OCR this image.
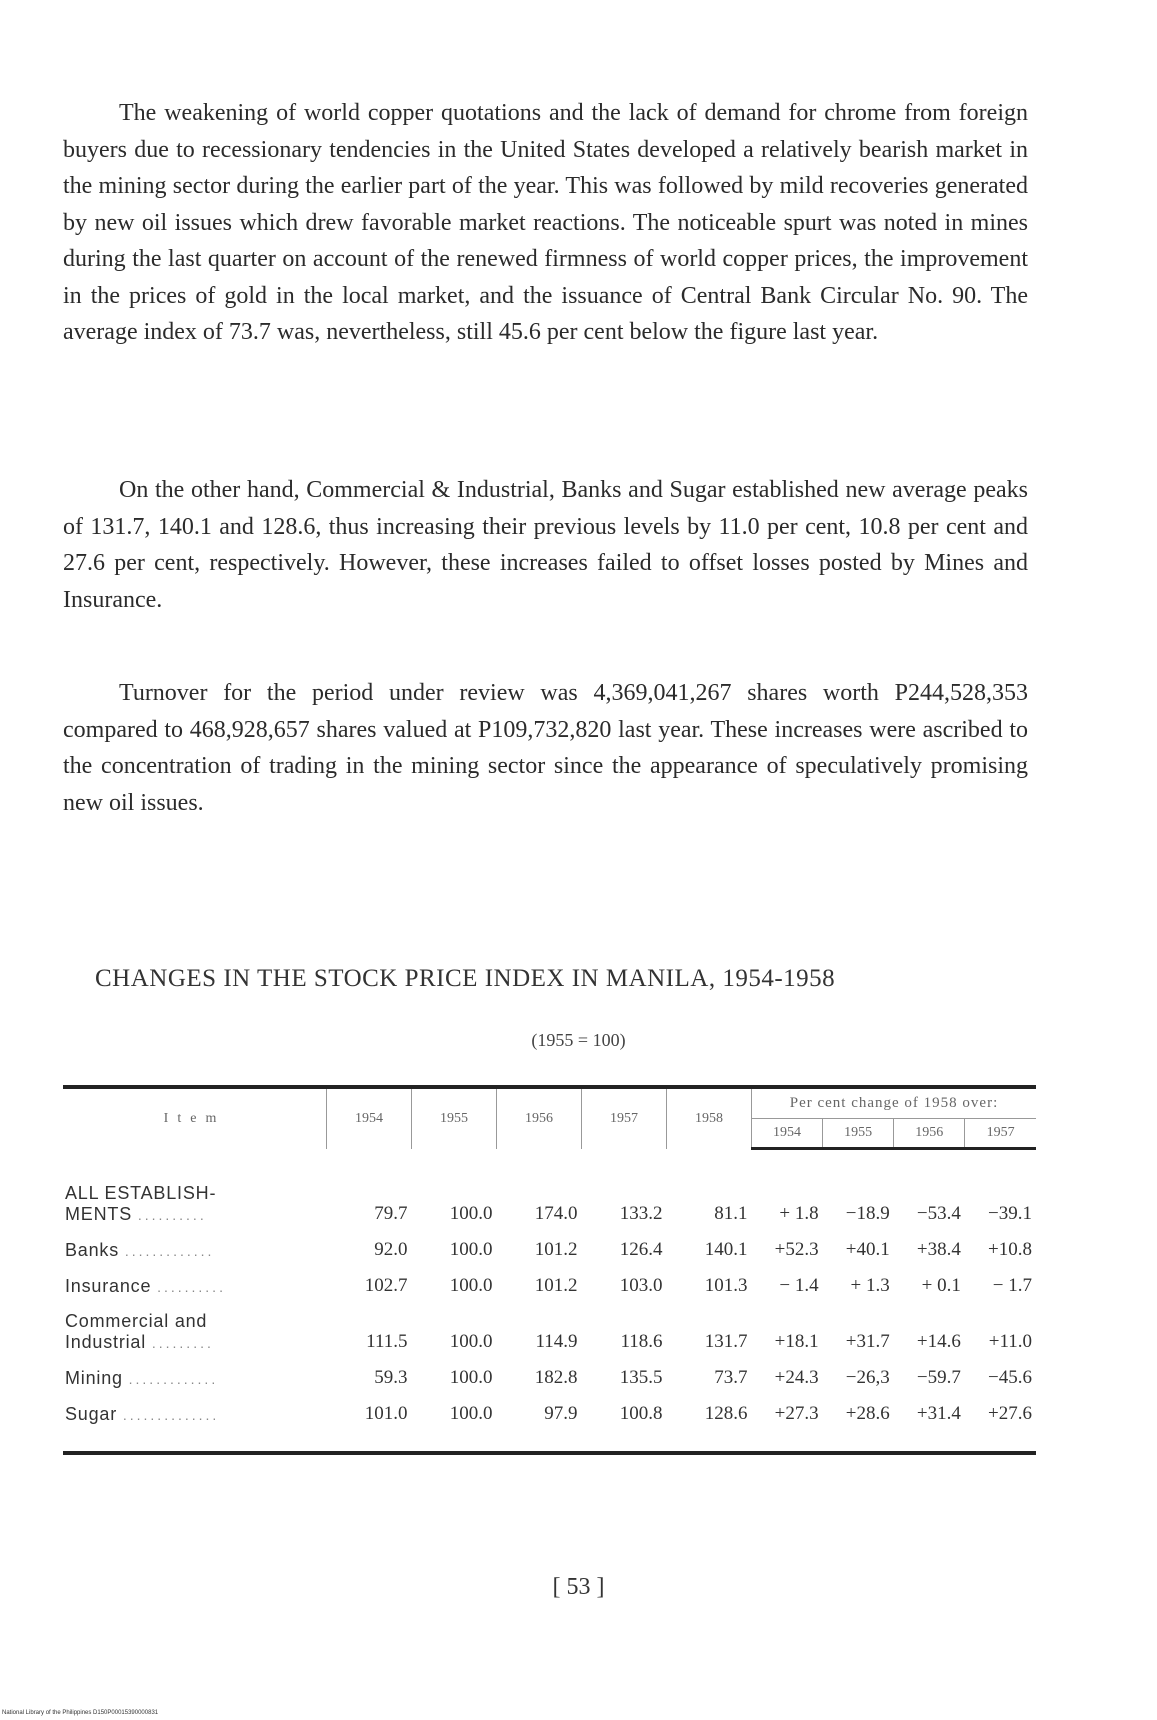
The weakening of world copper quotations and the lack of demand for chrome from foreign buyers due to recessionary tendencies in the United States developed a relatively bearish market in the mining sector during the earlier part of the year. This was followed by mild recoveries generated by new oil issues which drew favorable market reactions. The noticeable spurt was noted in mines during the last quarter on account of the renewed firmness of world copper prices, the improvement in the prices of gold in the local market, and the issuance of Central Bank Circular No. 90. The average index of 73.7 was, nevertheless, still 45.6 per cent below the figure last year.

On the other hand, Commercial & Industrial, Banks and Sugar established new average peaks of 131.7, 140.1 and 128.6, thus increasing their previous levels by 11.0 per cent, 10.8 per cent and 27.6 per cent, respectively. However, these increases failed to offset losses posted by Mines and Insurance.

Turnover for the period under review was 4,369,041,267 shares worth P244,528,353 compared to 468,928,657 shares valued at P109,732,820 last year. These increases were ascribed to the concentration of trading in the mining sector since the appearance of speculatively promising new oil issues.

CHANGES IN THE STOCK PRICE INDEX IN MANILA, 1954-1958
(1955 = 100)
Item	1954	1955	1956	1957	1958	Per cent change of 1958 over:			
						1954	1955	1956	1957
ALL ESTABLISH-
MENTS ..........	79.7	100.0	174.0	133.2	81.1	+ 1.8	−18.9	−53.4	−39.1
Banks .............	92.0	100.0	101.2	126.4	140.1	+52.3	+40.1	+38.4	+10.8
Insurance ..........	102.7	100.0	101.2	103.0	101.3	− 1.4	+ 1.3	+ 0.1	− 1.7
Commercial and
Industrial .........	111.5	100.0	114.9	118.6	131.7	+18.1	+31.7	+14.6	+11.0
Mining .............	59.3	100.0	182.8	135.5	73.7	+24.3	−26,3	−59.7	−45.6
Sugar ..............	101.0	100.0	97.9	100.8	128.6	+27.3	+28.6	+31.4	+27.6
[ 53 ]
National Library of the Philippines D150P00015390000831
